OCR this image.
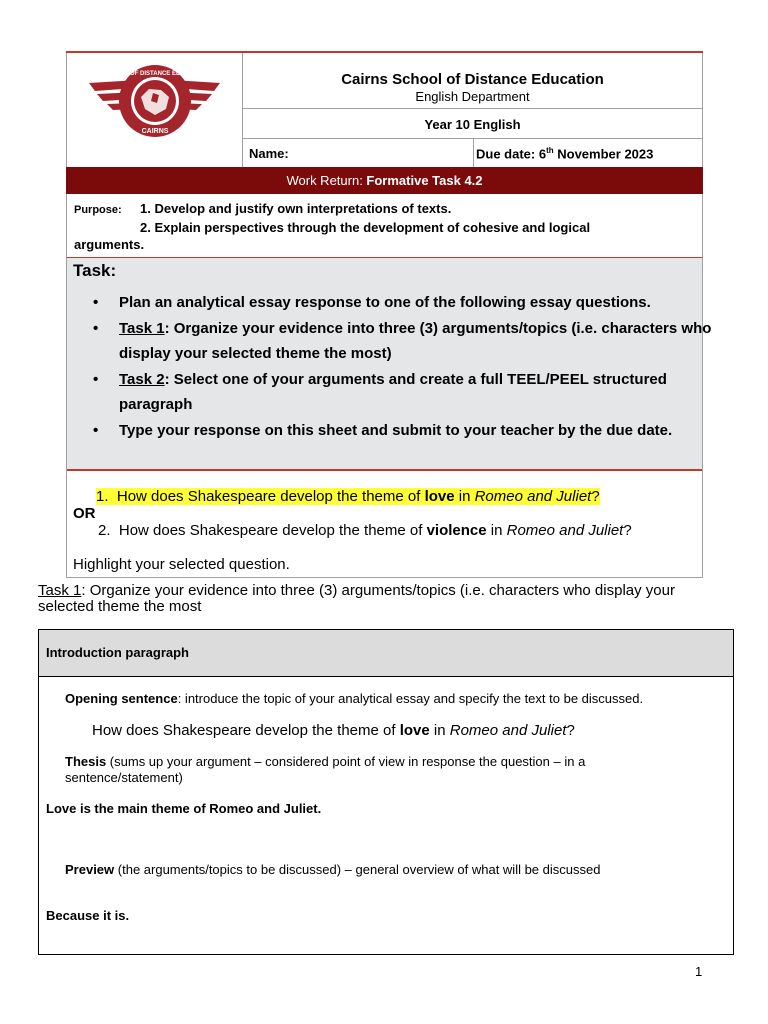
SCHOOL OF DISTANCE EDUCATION
CAIRNS
Cairns School of Distance Education
English Department
Year 10 English
Name:	Due date: 6th November 2023
Work Return: Formative Task 4.2
Purpose: 1. Develop and justify own interpretations of texts.
2. Explain perspectives through the development of cohesive and logical
arguments.
Task:
• Plan an analytical essay response to one of the following essay questions.
• Task 1: Organize your evidence into three (3) arguments/topics (i.e. characters who display your selected theme the most)
• Task 2: Select one of your arguments and create a full TEEL/PEEL structured paragraph
• Type your response on this sheet and submit to your teacher by the due date.
1. How does Shakespeare develop the theme of love in Romeo and Juliet?
OR
2. How does Shakespeare develop the theme of violence in Romeo and Juliet?
Highlight your selected question.
Task 1: Organize your evidence into three (3) arguments/topics (i.e. characters who display your selected theme the most
Introduction paragraph
Opening sentence: introduce the topic of your analytical essay and specify the text to be discussed.
How does Shakespeare develop the theme of love in Romeo and Juliet?
Thesis (sums up your argument – considered point of view in response the question – in a sentence/statement)
Love is the main theme of Romeo and Juliet.
Preview (the arguments/topics to be discussed) – general overview of what will be discussed
Because it is.
1
